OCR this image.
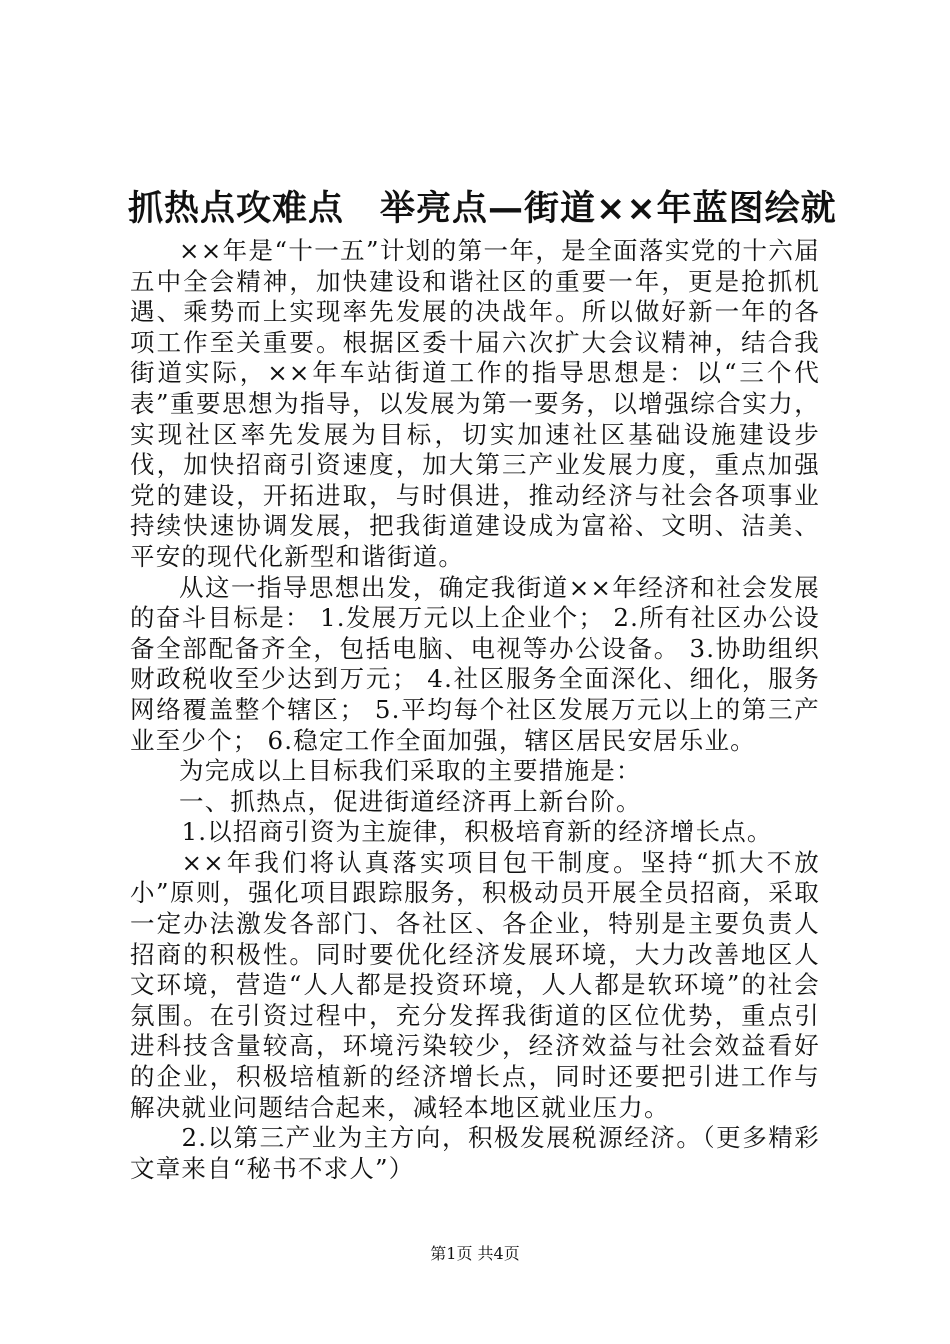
抓热点攻难点　举亮点—街道××年蓝图绘就

××年是“十一五”计划的第一年，是全面落实党的十六届五中全会精神，加快建设和谐社区的重要一年，更是抢抓机遇、乘势而上实现率先发展的决战年。所以做好新一年的各项工作至关重要。根据区委十届六次扩大会议精神，结合我街道实际，××年车站街道工作的指导思想是：以“三个代表”重要思想为指导，以发展为第一要务，以增强综合实力，实现社区率先发展为目标，切实加速社区基础设施建设步伐，加快招商引资速度，加大第三产业发展力度，重点加强党的建设，开拓进取，与时俱进，推动经济与社会各项事业持续快速协调发展，把我街道建设成为富裕、文明、洁美、平安的现代化新型和谐街道。

从这一指导思想出发，确定我街道××年经济和社会发展的奋斗目标是： 1.发展万元以上企业个； 2.所有社区办公设备全部配备齐全，包括电脑、电视等办公设备。 3.协助组织财政税收至少达到万元； 4.社区服务全面深化、细化，服务网络覆盖整个辖区； 5.平均每个社区发展万元以上的第三产业至少个； 6.稳定工作全面加强，辖区居民安居乐业。

为完成以上目标我们采取的主要措施是：

一、抓热点，促进街道经济再上新台阶。

1.以招商引资为主旋律，积极培育新的经济增长点。

××年我们将认真落实项目包干制度。坚持“抓大不放小”原则，强化项目跟踪服务，积极动员开展全员招商，采取一定办法激发各部门、各社区、各企业，特别是主要负责人招商的积极性。同时要优化经济发展环境，大力改善地区人文环境，营造“人人都是投资环境，人人都是软环境”的社会氛围。在引资过程中，充分发挥我街道的区位优势，重点引进科技含量较高，环境污染较少，经济效益与社会效益看好的企业，积极培植新的经济增长点，同时还要把引进工作与解决就业问题结合起来，减轻本地区就业压力。

2.以第三产业为主方向，积极发展税源经济。（更多精彩文章来自“秘书不求人”）

第1页 共4页
